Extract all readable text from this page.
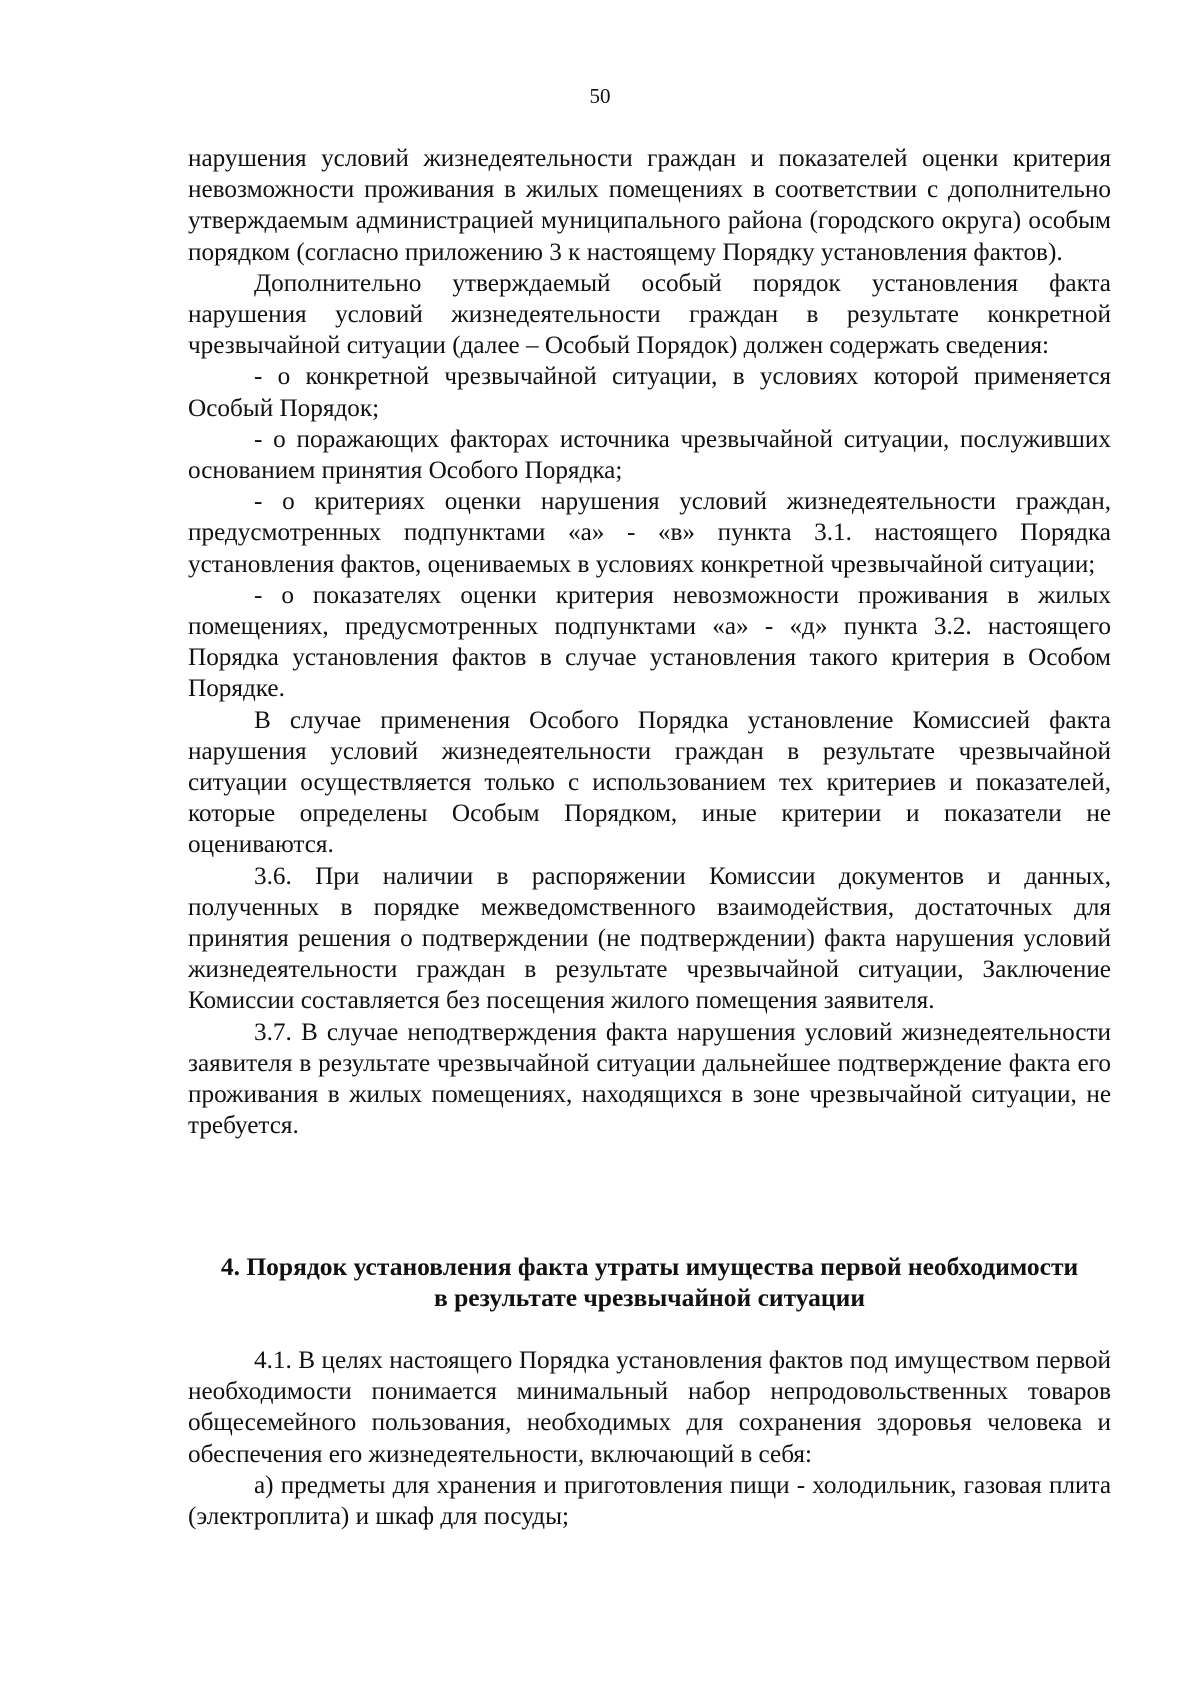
50

нарушения условий жизнедеятельности граждан и показателей оценки критерия невозможности проживания в жилых помещениях в соответствии с дополнительно утверждаемым администрацией муниципального района (городского округа) особым порядком (согласно приложению 3 к настоящему Порядку установления фактов).

Дополнительно утверждаемый особый порядок установления факта нарушения условий жизнедеятельности граждан в результате конкретной чрезвычайной ситуации (далее – Особый Порядок) должен содержать сведения:

- о конкретной чрезвычайной ситуации, в условиях которой применяется Особый Порядок;

- о поражающих факторах источника чрезвычайной ситуации, послуживших основанием принятия Особого Порядка;

- о критериях оценки нарушения условий жизнедеятельности граждан, предусмотренных подпунктами «а» - «в» пункта 3.1. настоящего Порядка установления фактов, оцениваемых в условиях конкретной чрезвычайной ситуации;

- о показателях оценки критерия невозможности проживания в жилых помещениях, предусмотренных подпунктами «а» - «д» пункта 3.2. настоящего Порядка установления фактов в случае установления такого критерия в Особом Порядке.

В случае применения Особого Порядка установление Комиссией факта нарушения условий жизнедеятельности граждан в результате чрезвычайной ситуации осуществляется только с использованием тех критериев и показателей, которые определены Особым Порядком, иные критерии и показатели не оцениваются.

3.6. При наличии в распоряжении Комиссии документов и данных, полученных в порядке межведомственного взаимодействия, достаточных для принятия решения о подтверждении (не подтверждении) факта нарушения условий жизнедеятельности граждан в результате чрезвычайной ситуации, Заключение Комиссии составляется без посещения жилого помещения заявителя.

3.7. В случае неподтверждения факта нарушения условий жизнедеятельности заявителя в результате чрезвычайной ситуации дальнейшее подтверждение факта его проживания в жилых помещениях, находящихся в зоне чрезвычайной ситуации, не требуется.

4. Порядок установления факта утраты имущества первой необходимости
в результате чрезвычайной ситуации

4.1. В целях настоящего Порядка установления фактов под имуществом первой необходимости понимается минимальный набор непродовольственных товаров общесемейного пользования, необходимых для сохранения здоровья человека и обеспечения его жизнедеятельности, включающий в себя:

а) предметы для хранения и приготовления пищи - холодильник, газовая плита (электроплита) и шкаф для посуды;
